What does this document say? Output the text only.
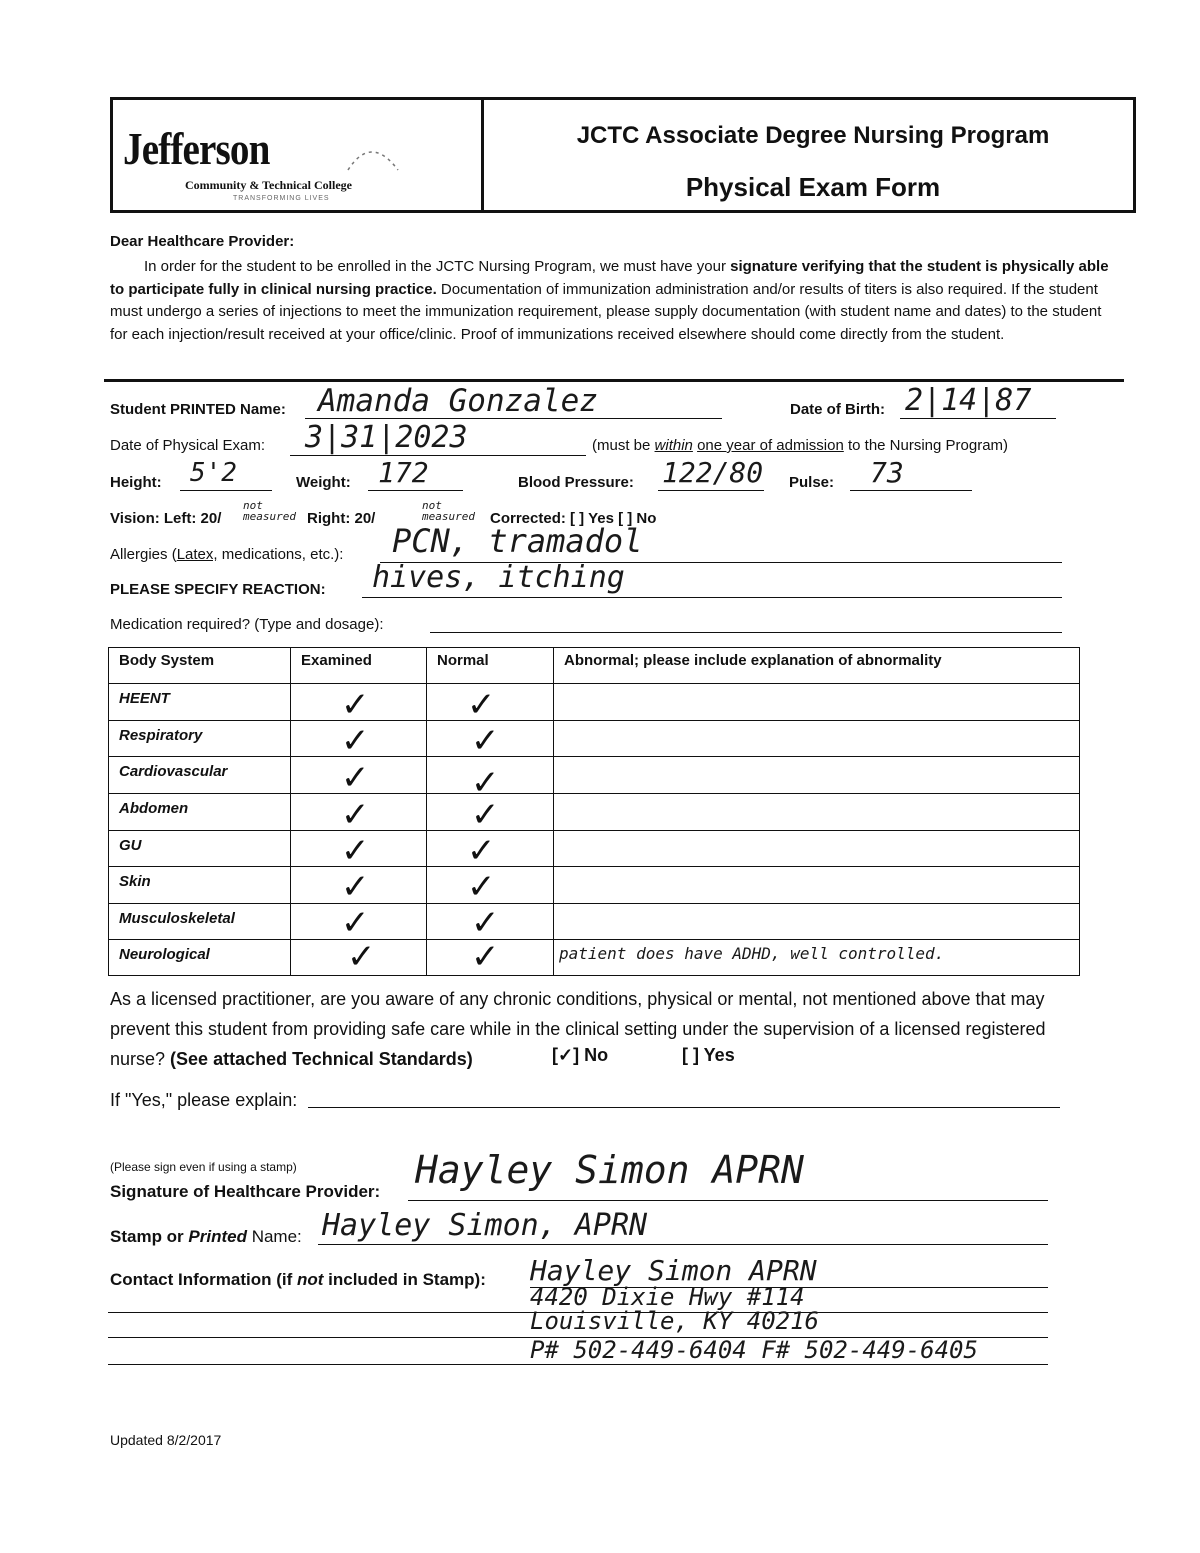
Jefferson
Community & Technical College
TRANSFORMING LIVES
JCTC Associate Degree Nursing Program
Physical Exam Form
Dear Healthcare Provider:
In order for the student to be enrolled in the JCTC Nursing Program, we must have your signature verifying that the student is physically able to participate fully in clinical nursing practice. Documentation of immunization administration and/or results of titers is also required. If the student must undergo a series of injections to meet the immunization requirement, please supply documentation (with student name and dates) to the student for each injection/result received at your office/clinic. Proof of immunizations received elsewhere should come directly from the student.
Student PRINTED Name: Amanda Gonzalez	Date of Birth: 2|14|87
Date of Physical Exam: 3|31|2023	(must be within one year of admission to the Nursing Program)
Height: 5'2	Weight: 172	Blood Pressure: 122/80 Pulse: 73
Vision: Left: 20/
not measured Right: 20/
not measured	Corrected: [ ] Yes [ ] No
Allergies (Latex, medications, etc.): PCN, tramadol
PLEASE SPECIFY REACTION: hives, itching
Medication required? (Type and dosage):
Body System	Examined	Normal	Abnormal; please include explanation of abnormality
HEENT	✓	✓
Respiratory	✓	✓
Cardiovascular	✓	✓
Abdomen	✓	✓
GU	✓	✓
Skin	✓	✓
Musculoskeletal	✓	✓
Neurological	✓	✓	patient does have ADHD, well controlled.
As a licensed practitioner, are you aware of any chronic conditions, physical or mental, not mentioned above that may prevent this student from providing safe care while in the clinical setting under the supervision of a licensed registered nurse? (See attached Technical Standards)	[✓] No	[ ] Yes
If "Yes," please explain:
(Please sign even if using a stamp)
Signature of Healthcare Provider: Hayley Simon APRN
Stamp or Printed Name: Hayley Simon, APRN
Contact Information (if not included in Stamp): Hayley Simon APRN
4420 Dixie Hwy #114
Louisville, KY 40216
P# 502-449-6404 F# 502-449-6405
Updated 8/2/2017
